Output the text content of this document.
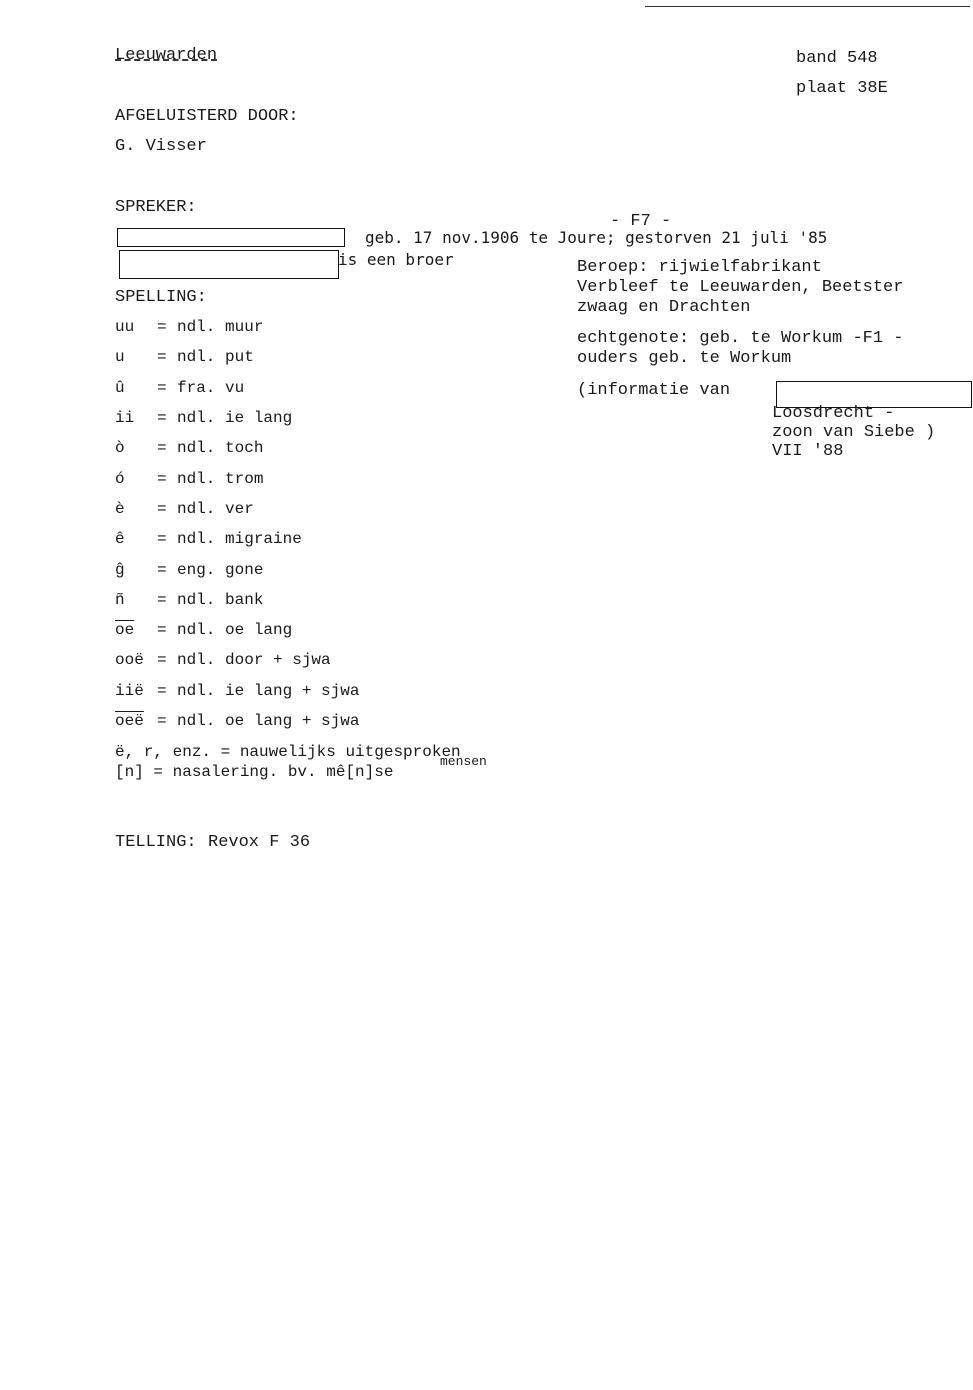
Leeuwarden	band 548
plaat 38E
AFGELUISTERD DOOR:
G. Visser
SPREKER:
geb. 17 nov.1906 te Joure; gestorven 21 juli '85
is een broer
- F7 -
Beroep: rijwielfabrikant
Verbleef te Leeuwarden, Beetster
zwaag en Drachten
echtgenote: geb. te Workum -F1 -
ouders geb. te Workum
(informatie van
Loosdrecht -
zoon van Siebe )
VII '88
SPELLING:
uu = ndl. muur
u = ndl. put
û = fra. vu
ii = ndl. ie lang
ò = ndl. toch
ó = ndl. trom
è = ndl. ver
ê = ndl. migraine
ĝ = eng. gone
ñ = ndl. bank
$\overline{oe}$ = ndl. oe lang
ooë = ndl. door + sjwa
iië = ndl. ie lang + sjwa
$\overline{oeë}$ = ndl. oe lang + sjwa
ë, r, enz. = nauwelijks uitgesproken
[n] = nasalering. bv. mê[n]se
mensen
TELLING: Revox F 36
